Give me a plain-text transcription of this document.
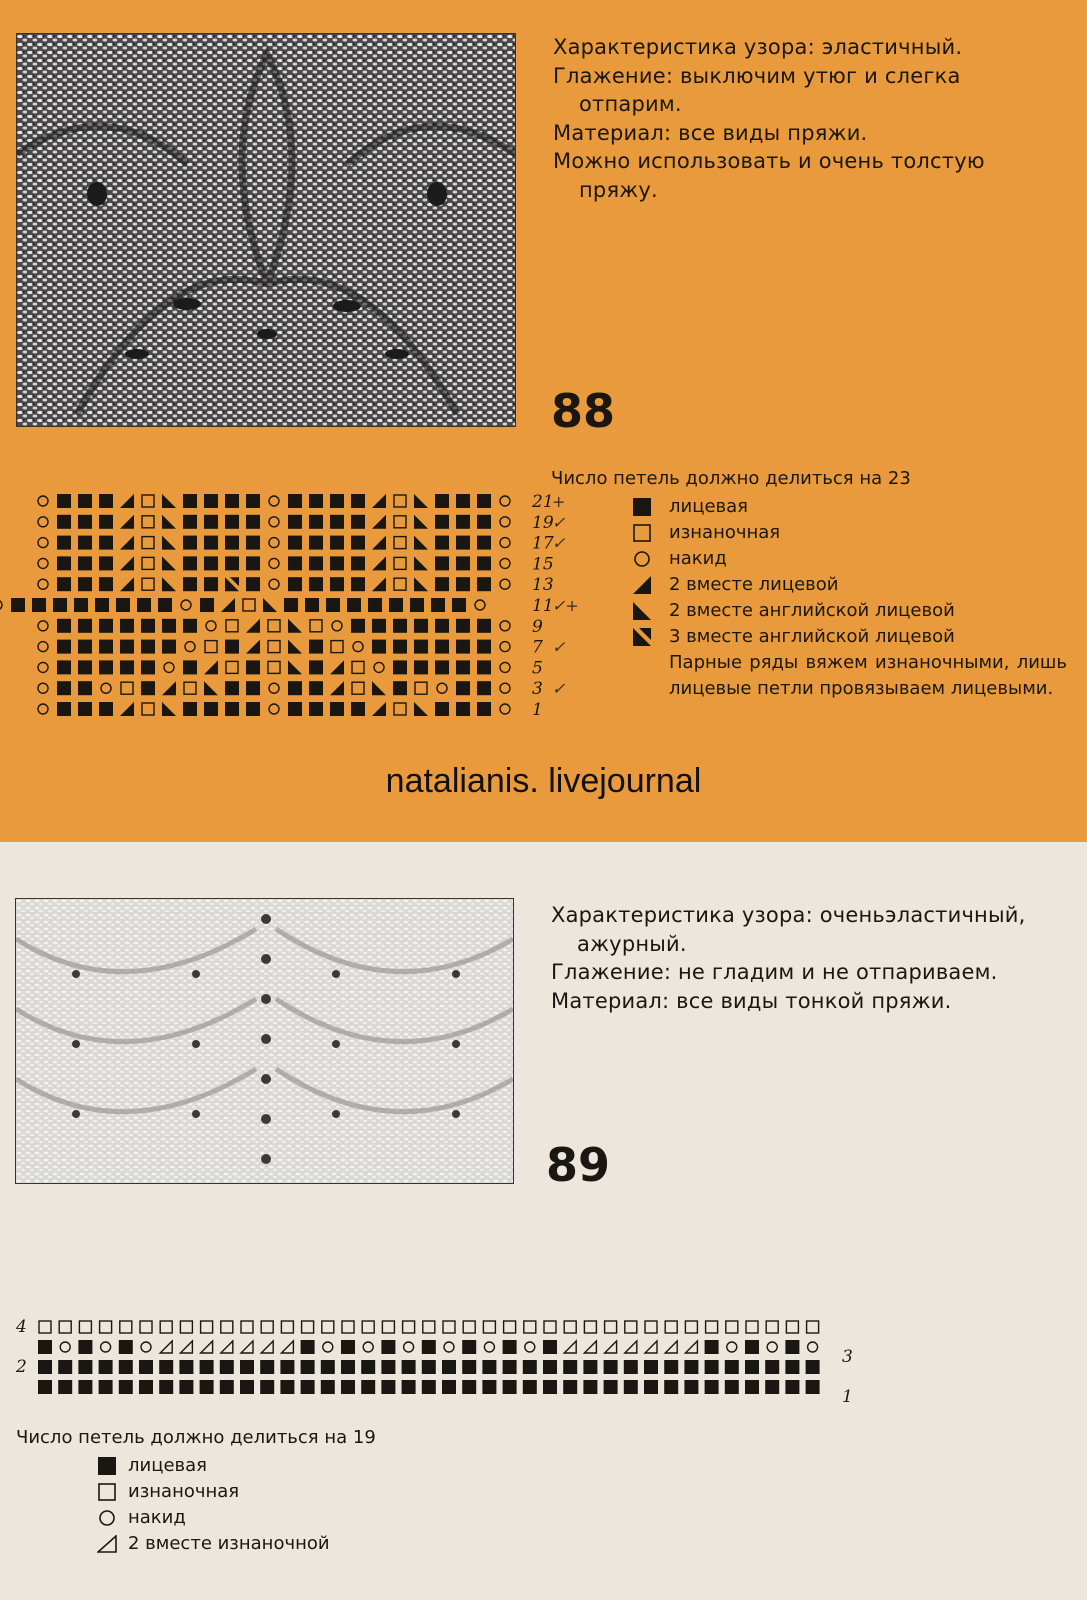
Характеристика узора: эластичный.

Глажение: выключим утюг и слегка отпарим.

Материал: все виды пряжи.

Можно использовать и очень толстую пряжу.

88
21
+
19
✓
17
✓
15
13
11
✓+
9
7 ✓
5
3 ✓
1

Число петель должно делиться на 23

лицевая
изнаночная
накид
2 вместе лицевой
2 вместе английской лицевой
3 вместе английской лицевой
Парные ряды вяжем изнаночными, лишь лицевые петли провязываем лицевыми.
natalianis. livejournal

Характеристика узора: оченьэластичный, ажурный.

Глажение: не гладим и не отпариваем.

Материал: все виды тонкой пряжи.

89
4
2	3
1

Число петель должно делиться на 19

лицевая
изнаночная
накид
2 вместе изнаночной
